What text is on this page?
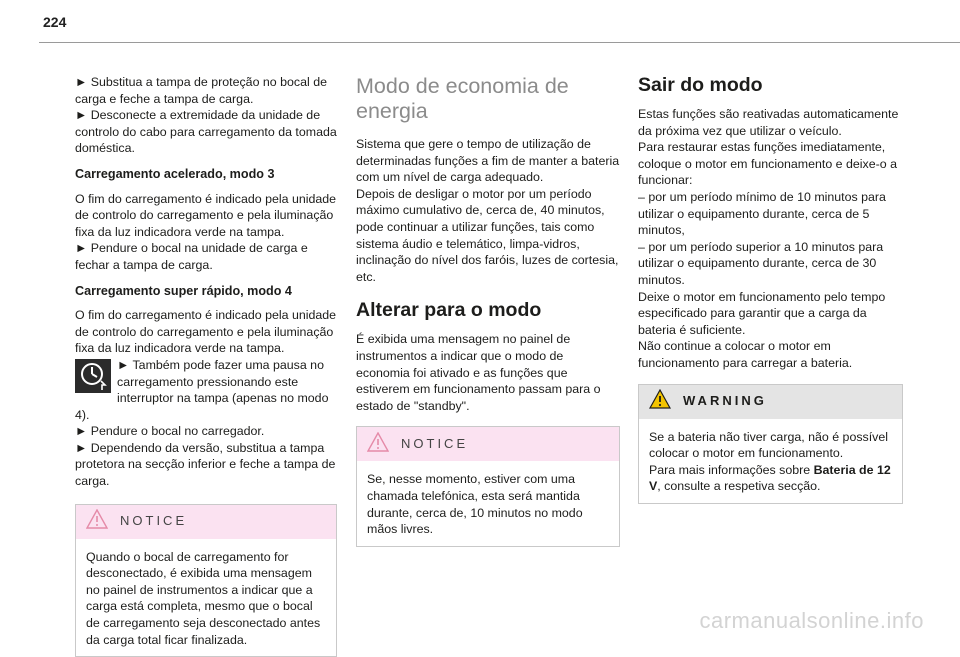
224

► Substitua a tampa de proteção no bocal de carga e feche a tampa de carga.

► Desconecte a extremidade da unidade de controlo do cabo para carregamento da tomada doméstica.

Carregamento acelerado, modo 3

O fim do carregamento é indicado pela unidade de controlo do carregamento e pela iluminação fixa da luz indicadora verde na tampa.

► Pendure o bocal na unidade de carga e fechar a tampa de carga.

Carregamento super rápido, modo 4

O fim do carregamento é indicado pela unidade de controlo do carregamento e pela iluminação fixa da luz indicadora verde na tampa.

► Também pode fazer uma pausa no carregamento pressionando este interruptor na tampa (apenas no modo 4).

► Pendure o bocal no carregador.

► Dependendo da versão, substitua a tampa protetora na secção inferior e feche a tampa de carga.

NOTICE

Quando o bocal de carregamento for desconectado, é exibida uma mensagem no painel de instrumentos a indicar que a carga está completa, mesmo que o bocal de carregamento seja desconectado antes da carga total ficar finalizada.

Modo de economia de energia

Sistema que gere o tempo de utilização de determinadas funções a fim de manter a bateria com um nível de carga adequado.

Depois de desligar o motor por um período máximo cumulativo de, cerca de, 40 minutos, pode continuar a utilizar funções, tais como sistema áudio e telemático, limpa-vidros, inclinação do nível dos faróis, luzes de cortesia, etc.

Alterar para o modo

É exibida uma mensagem no painel de instrumentos a indicar que o modo de economia foi ativado e as funções que estiverem em funcionamento passam para o estado de "standby".

NOTICE

Se, nesse momento, estiver com uma chamada telefónica, esta será mantida durante, cerca de, 10 minutos no modo mãos livres.

Sair do modo
Estas funções são reativadas automaticamente da próxima vez que utilizar o veículo.
Para restaurar estas funções imediatamente, coloque o motor em funcionamento e deixe-o a funcionar:
– por um período mínimo de 10 minutos para utilizar o equipamento durante, cerca de 5 minutos,
– por um período superior a 10 minutos para utilizar o equipamento durante, cerca de 30 minutos.
Deixe o motor em funcionamento pelo tempo especificado para garantir que a carga da bateria é suficiente.
Não continue a colocar o motor em funcionamento para carregar a bateria.
WARNING

Se a bateria não tiver carga, não é possível colocar o motor em funcionamento.

Para mais informações sobre Bateria de 12 V, consulte a respetiva secção.

carmanualsonline.info
